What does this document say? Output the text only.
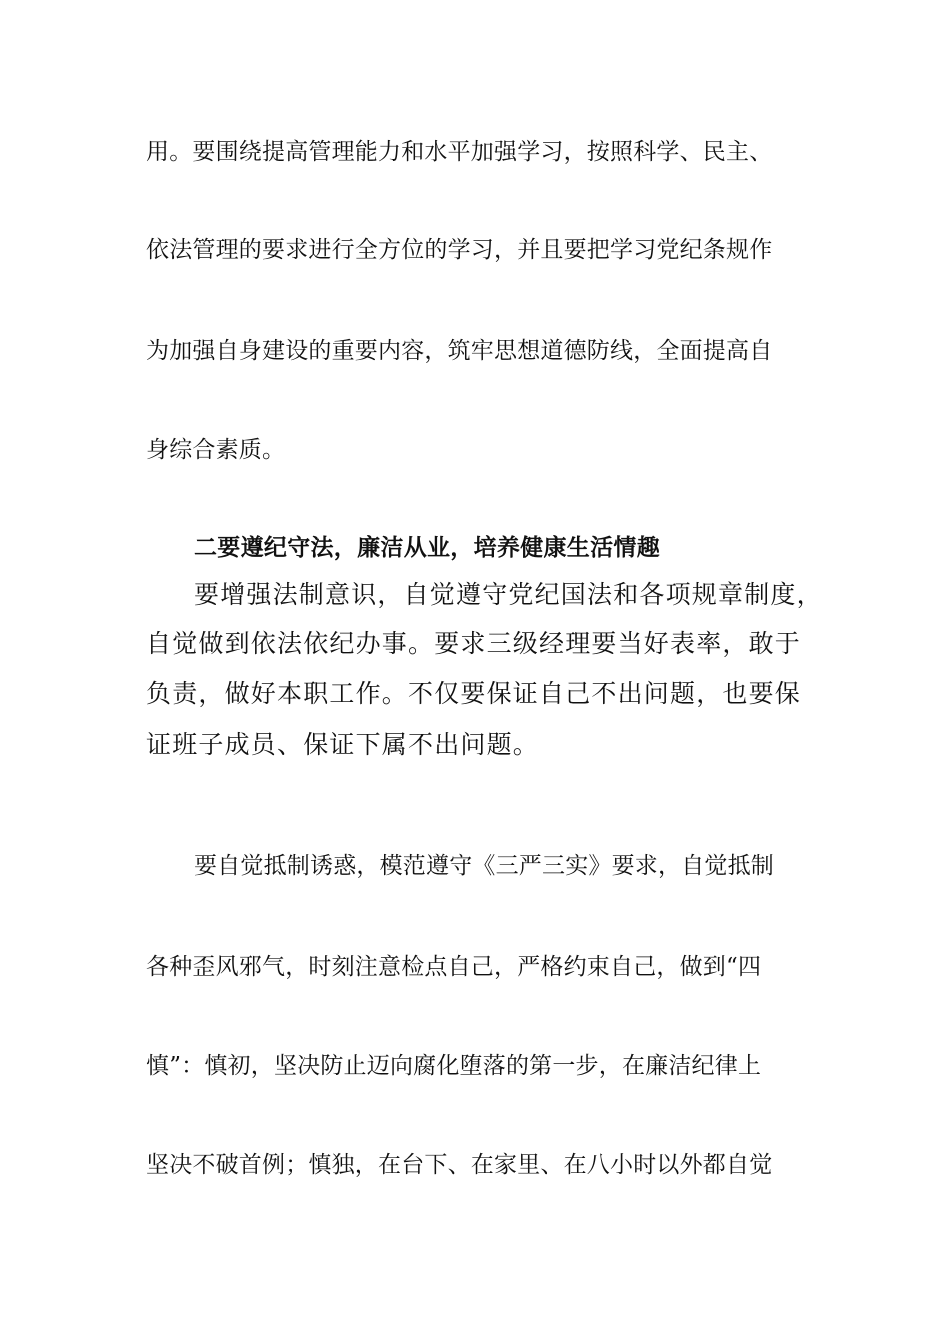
用。要围绕提高管理能力和水平加强学习，按照科学、民主、
依法管理的要求进行全方位的学习，并且要把学习党纪条规作
为加强自身建设的重要内容，筑牢思想道德防线，全面提高自
身综合素质。
二要遵纪守法，廉洁从业，培养健康生活情趣
要增强法制意识，自觉遵守党纪国法和各项规章制度，
自觉做到依法依纪办事。要求三级经理要当好表率，敢于
负责，做好本职工作。不仅要保证自己不出问题，也要保
证班子成员、保证下属不出问题。
要自觉抵制诱惑，模范遵守《三严三实》要求，自觉抵制
各种歪风邪气，时刻注意检点自己，严格约束自己，做到“四
慎”：慎初，坚决防止迈向腐化堕落的第一步，在廉洁纪律上
坚决不破首例；慎独，在台下、在家里、在八小时以外都自觉
